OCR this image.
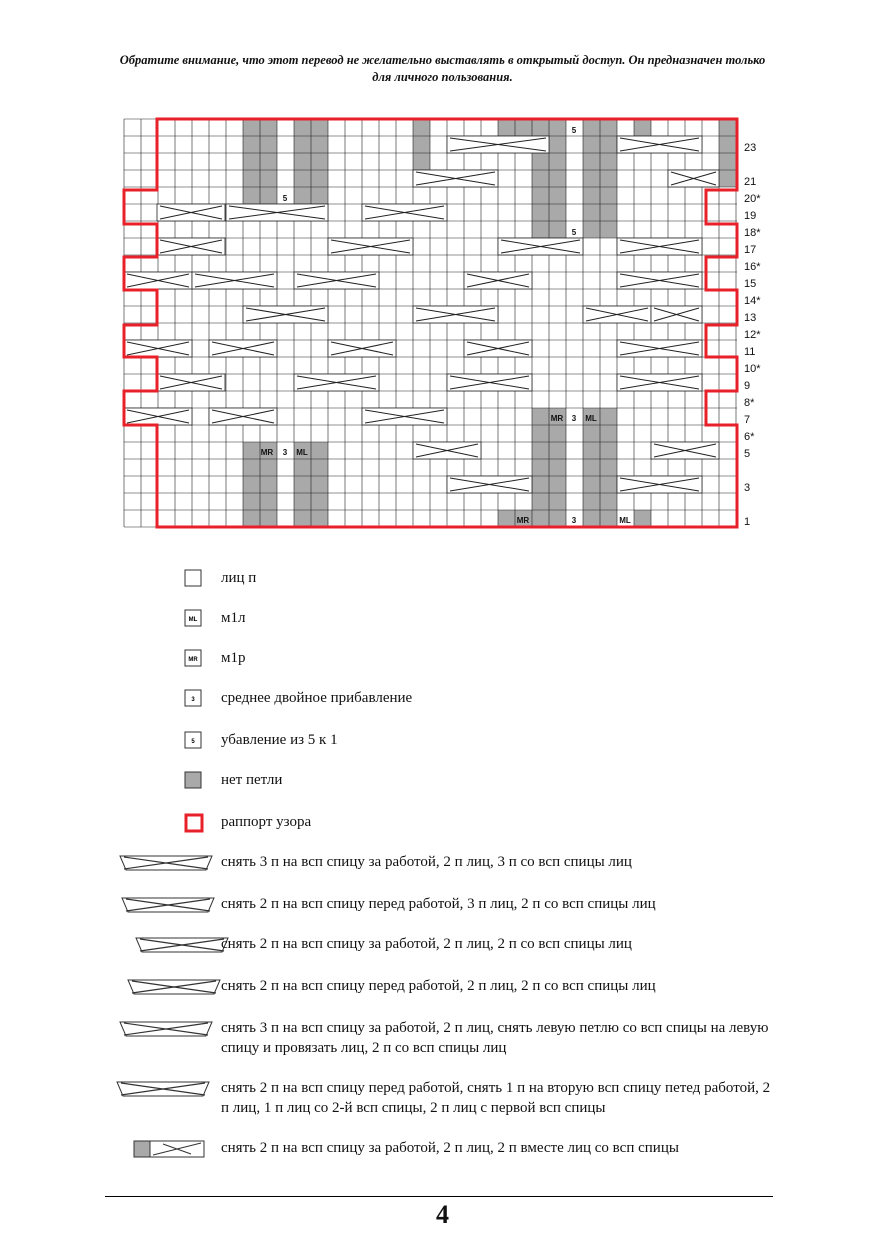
Обратите внимание, что этот перевод не желательно выставлять в открытый доступ. Он предназначен только для личного пользования.
5
5
5
MR 3 ML
MR 3 ML
MR	3	ML
23
21
20*
19
18*
17
16*
15
14*
13
12*
11
10*
9
8*
7
6*
5
3
1
лиц п
ML м1л
MR м1р
3 среднее двойное прибавление
5 убавление из 5 к 1
нет петли
раппорт узора
снять 3 п на всп спицу за работой, 2 п лиц, 3 п со всп спицы лиц
снять 2 п на всп спицу перед работой, 3 п лиц, 2 п со всп спицы лиц
снять 2 п на всп спицу за работой, 2 п лиц, 2 п со всп спицы лиц
снять 2 п на всп спицу перед работой, 2 п лиц, 2 п со всп спицы лиц
снять 3 п на всп спицу за работой, 2 п лиц, снять левую петлю со всп спицы на левую спицу и провязать лиц, 2 п со всп спицы лиц
снять 2 п на всп спицу перед работой, снять 1 п на вторую всп спицу петед работой, 2 п лиц, 1 п лиц со 2-й всп спицы, 2 п лиц с первой всп спицы
снять 2 п на всп спицу за работой, 2 п лиц, 2 п вместе лиц со всп спицы
4
